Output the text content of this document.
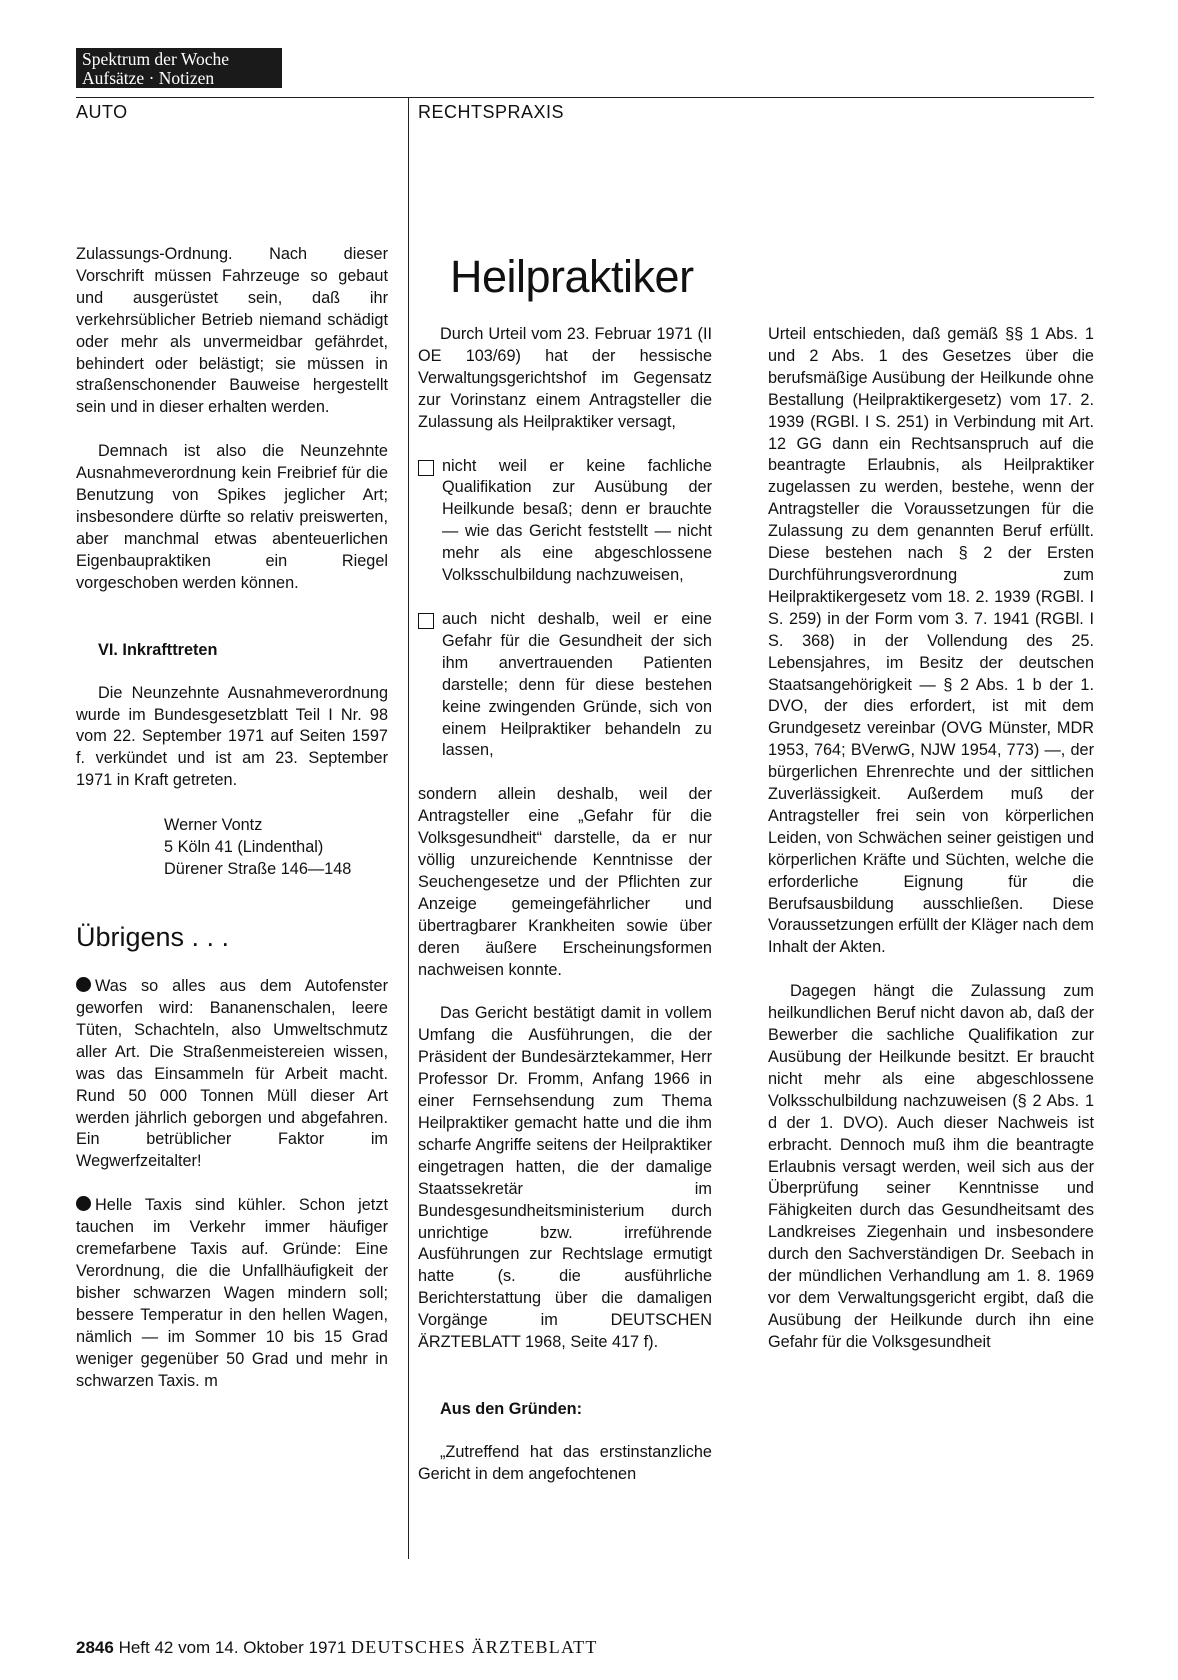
Spektrum der Woche
Aufsätze · Notizen
AUTO	RECHTSPRAXIS

Zulassungs-Ordnung. Nach dieser Vorschrift müssen Fahrzeuge so gebaut und ausgerüstet sein, daß ihr verkehrsüblicher Betrieb niemand schädigt oder mehr als unvermeidbar gefährdet, behindert oder belästigt; sie müssen in straßenschonender Bauweise hergestellt sein und in dieser erhalten werden.

Demnach ist also die Neunzehnte Ausnahmeverordnung kein Freibrief für die Benutzung von Spikes jeglicher Art; insbesondere dürfte so relativ preiswerten, aber manchmal etwas abenteuerlichen Eigenbaupraktiken ein Riegel vorgeschoben werden können.

VI. Inkrafttreten

Die Neunzehnte Ausnahmeverordnung wurde im Bundesgesetzblatt Teil I Nr. 98 vom 22. September 1971 auf Seiten 1597 f. verkündet und ist am 23. September 1971 in Kraft getreten.

Werner Vontz
5 Köln 41 (Lindenthal)
Dürener Straße 146—148
Übrigens . . .

Was so alles aus dem Autofenster geworfen wird: Bananenschalen, leere Tüten, Schachteln, also Umweltschmutz aller Art. Die Straßenmeistereien wissen, was das Einsammeln für Arbeit macht. Rund 50 000 Tonnen Müll dieser Art werden jährlich geborgen und abgefahren. Ein betrüblicher Faktor im Wegwerfzeitalter!

Helle Taxis sind kühler. Schon jetzt tauchen im Verkehr immer häufiger cremefarbene Taxis auf. Gründe: Eine Verordnung, die die Unfallhäufigkeit der bisher schwarzen Wagen mindern soll; bessere Temperatur in den hellen Wagen, nämlich — im Sommer 10 bis 15 Grad weniger gegenüber 50 Grad und mehr in schwarzen Taxis. m

Heilpraktiker

Durch Urteil vom 23. Februar 1971 (II OE 103/69) hat der hessische Verwaltungsgerichtshof im Gegensatz zur Vorinstanz einem Antragsteller die Zulassung als Heilpraktiker versagt,

nicht weil er keine fachliche Qualifikation zur Ausübung der Heilkunde besaß; denn er brauchte — wie das Gericht feststellt — nicht mehr als eine abgeschlossene Volksschulbildung nachzuweisen,
auch nicht deshalb, weil er eine Gefahr für die Gesundheit der sich ihm anvertrauenden Patienten darstelle; denn für diese bestehen keine zwingenden Gründe, sich von einem Heilpraktiker behandeln zu lassen,

sondern allein deshalb, weil der Antragsteller eine „Gefahr für die Volksgesundheit“ darstelle, da er nur völlig unzureichende Kenntnisse der Seuchengesetze und der Pflichten zur Anzeige gemeingefährlicher und übertragbarer Krankheiten sowie über deren äußere Erscheinungsformen nachweisen konnte.

Das Gericht bestätigt damit in vollem Umfang die Ausführungen, die der Präsident der Bundesärztekammer, Herr Professor Dr. Fromm, Anfang 1966 in einer Fernsehsendung zum Thema Heilpraktiker gemacht hatte und die ihm scharfe Angriffe seitens der Heilpraktiker eingetragen hatten, die der damalige Staatssekretär im Bundesgesundheitsministerium durch unrichtige bzw. irreführende Ausführungen zur Rechtslage ermutigt hatte (s. die ausführliche Berichterstattung über die damaligen Vorgänge im DEUTSCHEN ÄRZTEBLATT 1968, Seite 417 f).

Aus den Gründen:

„Zutreffend hat das erstinstanzliche Gericht in dem angefochtenen

Urteil entschieden, daß gemäß §§ 1 Abs. 1 und 2 Abs. 1 des Gesetzes über die berufsmäßige Ausübung der Heilkunde ohne Bestallung (Heilpraktikergesetz) vom 17. 2. 1939 (RGBl. I S. 251) in Verbindung mit Art. 12 GG dann ein Rechtsanspruch auf die beantragte Erlaubnis, als Heilpraktiker zugelassen zu werden, bestehe, wenn der Antragsteller die Voraussetzungen für die Zulassung zu dem genannten Beruf erfüllt. Diese bestehen nach § 2 der Ersten Durchführungsverordnung zum Heilpraktikergesetz vom 18. 2. 1939 (RGBl. I S. 259) in der Form vom 3. 7. 1941 (RGBl. I S. 368) in der Vollendung des 25. Lebensjahres, im Besitz der deutschen Staatsangehörigkeit — § 2 Abs. 1 b der 1. DVO, der dies erfordert, ist mit dem Grundgesetz vereinbar (OVG Münster, MDR 1953, 764; BVerwG, NJW 1954, 773) —, der bürgerlichen Ehrenrechte und der sittlichen Zuverlässigkeit. Außerdem muß der Antragsteller frei sein von körperlichen Leiden, von Schwächen seiner geistigen und körperlichen Kräfte und Süchten, welche die erforderliche Eignung für die Berufsausbildung ausschließen. Diese Voraussetzungen erfüllt der Kläger nach dem Inhalt der Akten.

Dagegen hängt die Zulassung zum heilkundlichen Beruf nicht davon ab, daß der Bewerber die sachliche Qualifikation zur Ausübung der Heilkunde besitzt. Er braucht nicht mehr als eine abgeschlossene Volksschulbildung nachzuweisen (§ 2 Abs. 1 d der 1. DVO). Auch dieser Nachweis ist erbracht. Dennoch muß ihm die beantragte Erlaubnis versagt werden, weil sich aus der Überprüfung seiner Kenntnisse und Fähigkeiten durch das Gesundheitsamt des Landkreises Ziegenhain und insbesondere durch den Sachverständigen Dr. Seebach in der mündlichen Verhandlung am 1. 8. 1969 vor dem Verwaltungsgericht ergibt, daß die Ausübung der Heilkunde durch ihn eine Gefahr für die Volksgesundheit

2846 Heft 42 vom 14. Oktober 1971 DEUTSCHES ÄRZTEBLATT
